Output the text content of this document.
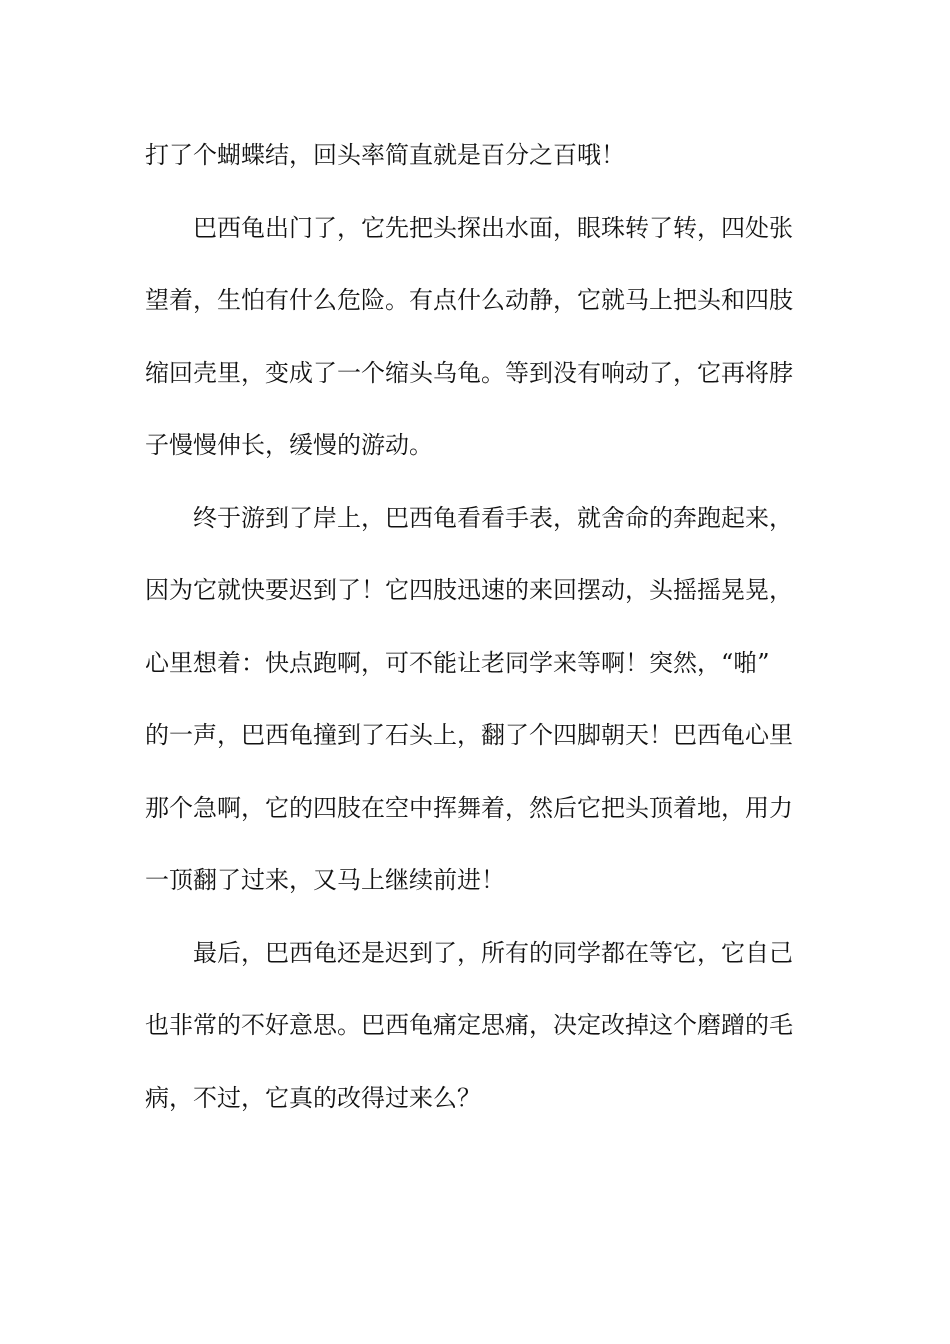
打了个蝴蝶结，回头率简直就是百分之百哦！
巴西龟出门了，它先把头探出水面，眼珠转了转，四处张
望着，生怕有什么危险。有点什么动静，它就马上把头和四肢
缩回壳里，变成了一个缩头乌龟。等到没有响动了，它再将脖
子慢慢伸长，缓慢的游动。
终于游到了岸上，巴西龟看看手表，就舍命的奔跑起来，
因为它就快要迟到了！它四肢迅速的来回摆动，头摇摇晃晃，
心里想着：快点跑啊，可不能让老同学来等啊！突然，“啪”
的一声，巴西龟撞到了石头上，翻了个四脚朝天！巴西龟心里
那个急啊，它的四肢在空中挥舞着，然后它把头顶着地，用力
一顶翻了过来，又马上继续前进！
最后，巴西龟还是迟到了，所有的同学都在等它，它自己
也非常的不好意思。巴西龟痛定思痛，决定改掉这个磨蹭的毛
病，不过，它真的改得过来么？
